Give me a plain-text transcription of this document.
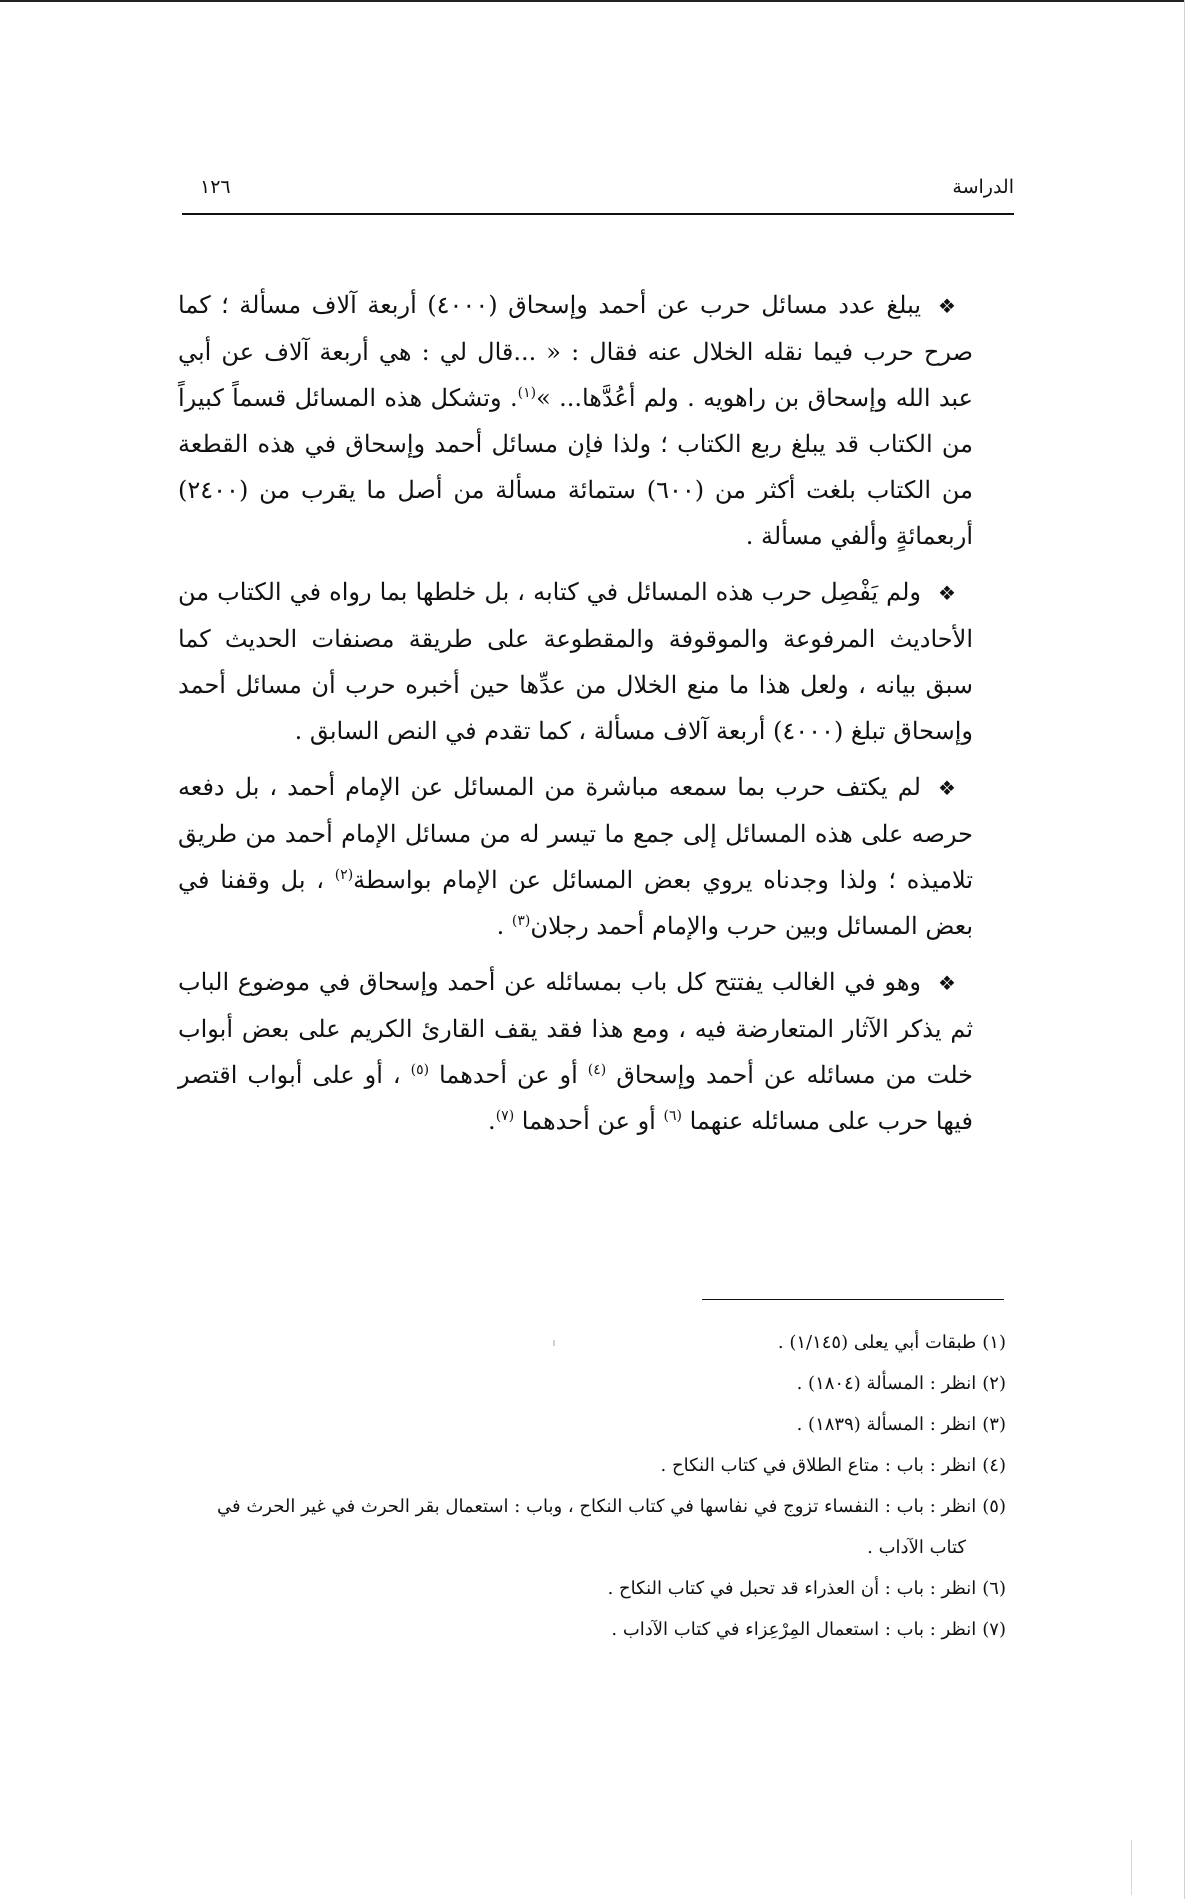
الدراسة
١٢٦

❖يبلغ عدد مسائل حرب عن أحمد وإسحاق (٤٠٠٠) أربعة آلاف مسألة ؛ كما صرح حرب فيما نقله الخلال عنه فقال : « ...قال لي : هي أربعة آلاف عن أبي عبد الله وإسحاق بن راهويه . ولم أعُدَّها... »$^{(١)}$. وتشكل هذه المسائل قسماً كبيراً من الكتاب قد يبلغ ربع الكتاب ؛ ولذا فإن مسائل أحمد وإسحاق في هذه القطعة من الكتاب بلغت أكثر من (٦٠٠) ستمائة مسألة من أصل ما يقرب من (٢٤٠٠) أربعمائةٍ وألفي مسألة .

❖ولم يَفْصِل حرب هذه المسائل في كتابه ، بل خلطها بما رواه في الكتاب من الأحاديث المرفوعة والموقوفة والمقطوعة على طريقة مصنفات الحديث كما سبق بيانه ، ولعل هذا ما منع الخلال من عدِّها حين أخبره حرب أن مسائل أحمد وإسحاق تبلغ (٤٠٠٠) أربعة آلاف مسألة ، كما تقدم في النص السابق .

❖لم يكتف حرب بما سمعه مباشرة من المسائل عن الإمام أحمد ، بل دفعه حرصه على هذه المسائل إلى جمع ما تيسر له من مسائل الإمام أحمد من طريق تلاميذه ؛ ولذا وجدناه يروي بعض المسائل عن الإمام بواسطة$^{(٢)}$ ، بل وقفنا في بعض المسائل وبين حرب والإمام أحمد رجلان$^{(٣)}$ .

❖وهو في الغالب يفتتح كل باب بمسائله عن أحمد وإسحاق في موضوع الباب ثم يذكر الآثار المتعارضة فيه ، ومع هذا فقد يقف القارئ الكريم على بعض أبواب خلت من مسائله عن أحمد وإسحاق $^{(٤)}$ أو عن أحدهما $^{(٥)}$ ، أو على أبواب اقتصر فيها حرب على مسائله عنهما $^{(٦)}$ أو عن أحدهما $^{(٧)}$.

(١)طبقات أبي يعلى (١/١٤٥) .

(٢)انظر : المسألة (١٨٠٤) .

(٣)انظر : المسألة (١٨٣٩) .

(٤)انظر : باب : متاع الطلاق في كتاب النكاح .

(٥)انظر : باب : النفساء تزوج في نفاسها في كتاب النكاح ، وباب : استعمال بقر الحرث في غير الحرث في
كتاب الآداب .

(٦)انظر : باب : أن العذراء قد تحبل في كتاب النكاح .

(٧)انظر : باب : استعمال المِرْعِزاء في كتاب الآداب .
